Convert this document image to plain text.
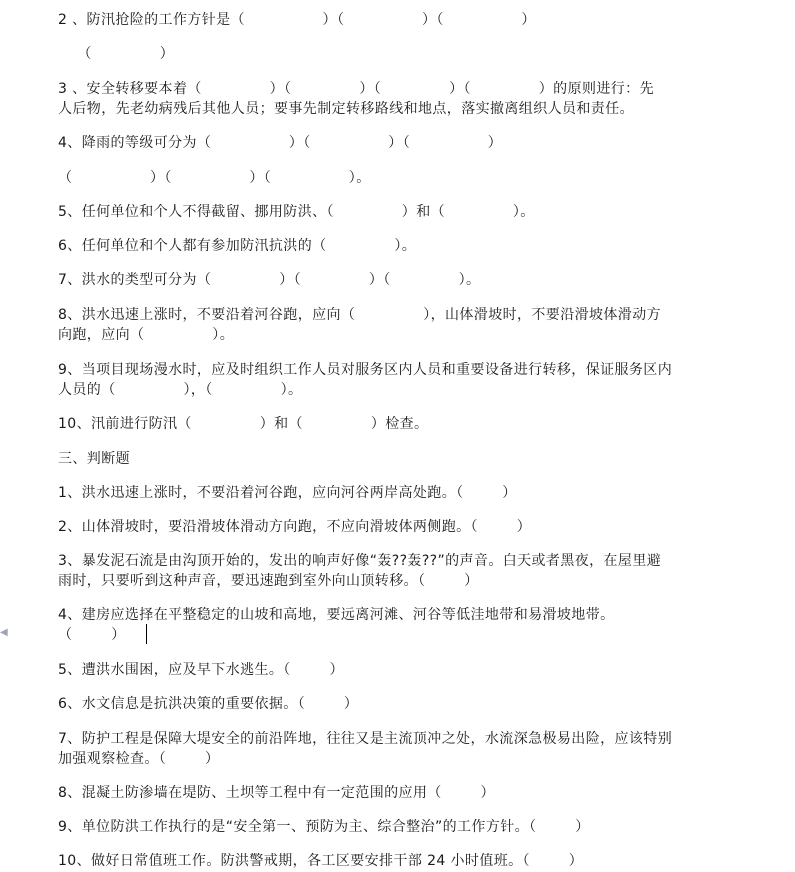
2 、防汛抢险的工作方针是（                ）（                ）（                ）
（              ）
3 、安全转移要本着（              ）（              ）（              ）（              ）的原则进行：先
人后物，先老幼病残后其他人员；要事先制定转移路线和地点，落实撤离组织人员和责任。
4、降雨的等级可分为（                ）（                ）（                ）
（                ）（                ）（                ）。
5、任何单位和个人不得截留、挪用防洪、（              ）和（              ）。
6、任何单位和个人都有参加防汛抗洪的（              ）。
7、洪水的类型可分为（              ）（              ）（              ）。
8、洪水迅速上涨时，不要沿着河谷跑，应向（              ），山体滑坡时，不要沿滑坡体滑动方
向跑，应向（              ）。
9、当项目现场漫水时，应及时组织工作人员对服务区内人员和重要设备进行转移，保证服务区内
人员的（              ），（              ）。
10、汛前进行防汛（              ）和（              ）检查。
三、判断题
1、洪水迅速上涨时，不要沿着河谷跑，应向河谷两岸高处跑。（        ）
2、山体滑坡时，要沿滑坡体滑动方向跑，不应向滑坡体两侧跑。（        ）
3、暴发泥石流是由沟顶开始的，发出的响声好像“轰??轰??”的声音。白天或者黑夜，在屋里避
雨时，只要听到这种声音，要迅速跑到室外向山顶转移。（        ）
4、建房应选择在平整稳定的山坡和高地，要远离河滩、河谷等低洼地带和易滑坡地带。
（        ）
5、遭洪水围困，应及早下水逃生。（        ）
6、水文信息是抗洪决策的重要依据。（        ）
7、防护工程是保障大堤安全的前沿阵地，往往又是主流顶冲之处，水流深急极易出险，应该特别
加强观察检查。（        ）
8、混凝土防渗墙在堤防、土坝等工程中有一定范围的应用（        ）
9、单位防洪工作执行的是“安全第一、预防为主、综合整治”的工作方针。（        ）
10、做好日常值班工作。防洪警戒期，各工区要安排干部 24 小时值班。（        ）
◀
